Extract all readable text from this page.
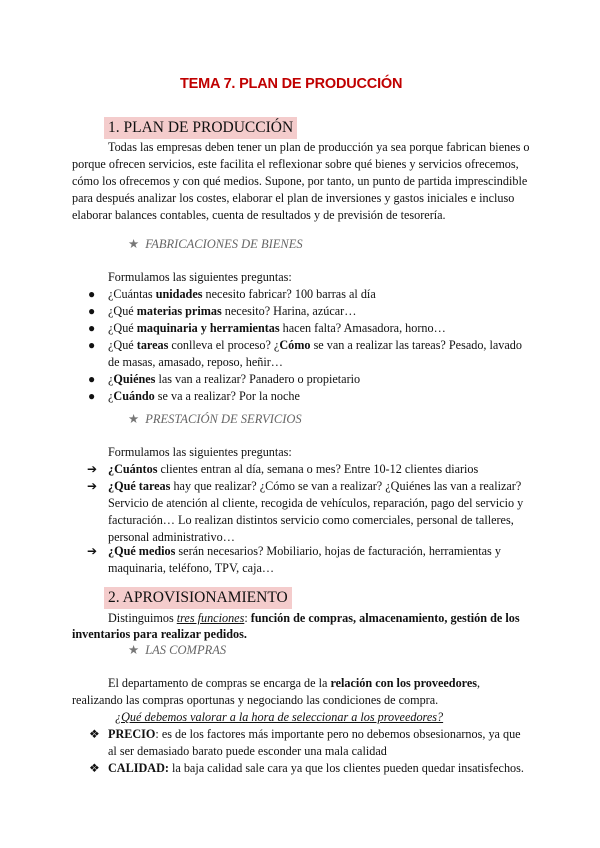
TEMA 7. PLAN DE PRODUCCIÓN
1. PLAN DE PRODUCCIÓN
Todas las empresas deben tener un plan de producción ya sea porque fabrican bienes o
porque ofrecen servicios, este facilita el reflexionar sobre qué bienes y servicios ofrecemos,
cómo los ofrecemos y con qué medios. Supone, por tanto, un punto de partida imprescindible
para después analizar los costes, elaborar el plan de inversiones y gastos iniciales e incluso
elaborar balances contables, cuenta de resultados y de previsión de tesorería.
★ FABRICACIONES DE BIENES
Formulamos las siguientes preguntas:
● ¿Cuántas unidades necesito fabricar? 100 barras al día
● ¿Qué materias primas necesito? Harina, azúcar…
● ¿Qué maquinaria y herramientas hacen falta? Amasadora, horno…
● ¿Qué tareas conlleva el proceso? ¿Cómo se van a realizar las tareas? Pesado, lavado
de masas, amasado, reposo, heñir…
● ¿Quiénes las van a realizar? Panadero o propietario
● ¿Cuándo se va a realizar? Por la noche
★ PRESTACIÓN DE SERVICIOS
Formulamos las siguientes preguntas:
➔ ¿Cuántos clientes entran al día, semana o mes? Entre 10-12 clientes diarios
➔ ¿Qué tareas hay que realizar? ¿Cómo se van a realizar? ¿Quiénes las van a realizar?
Servicio de atención al cliente, recogida de vehículos, reparación, pago del servicio y
facturación… Lo realizan distintos servicio como comerciales, personal de talleres,
personal administrativo…
➔ ¿Qué medios serán necesarios? Mobiliario, hojas de facturación, herramientas y
maquinaria, teléfono, TPV, caja…
2. APROVISIONAMIENTO
Distinguimos tres funciones: función de compras, almacenamiento, gestión de los
inventarios para realizar pedidos.
★ LAS COMPRAS
El departamento de compras se encarga de la relación con los proveedores,
realizando las compras oportunas y negociando las condiciones de compra.
¿Qué debemos valorar a la hora de seleccionar a los proveedores?
❖ PRECIO: es de los factores más importante pero no debemos obsesionarnos, ya que
al ser demasiado barato puede esconder una mala calidad
❖ CALIDAD: la baja calidad sale cara ya que los clientes pueden quedar insatisfechos.
